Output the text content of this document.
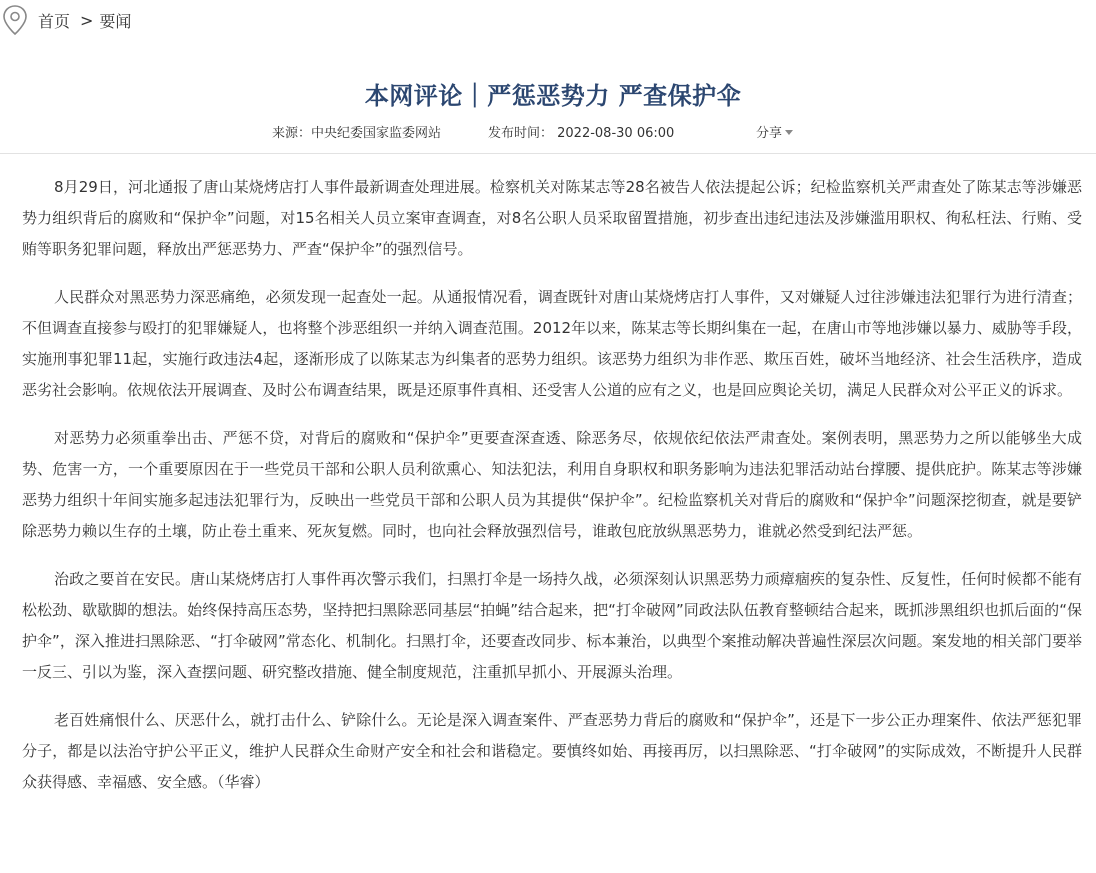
首页 > 要闻
本网评论｜严惩恶势力 严查保护伞
来源：中央纪委国家监委网站	发布时间： 2022-08-30 06:00	分享

8月29日，河北通报了唐山某烧烤店打人事件最新调查处理进展。检察机关对陈某志等28名被告人依法提起公诉；纪检监察机关严肃查处了陈某志等涉嫌恶势力组织背后的腐败和“保护伞”问题，对15名相关人员立案审查调查，对8名公职人员采取留置措施，初步查出违纪违法及涉嫌滥用职权、徇私枉法、行贿、受贿等职务犯罪问题，释放出严惩恶势力、严查“保护伞”的强烈信号。

人民群众对黑恶势力深恶痛绝，必须发现一起查处一起。从通报情况看，调查既针对唐山某烧烤店打人事件，又对嫌疑人过往涉嫌违法犯罪行为进行清查；不但调查直接参与殴打的犯罪嫌疑人，也将整个涉恶组织一并纳入调查范围。2012年以来，陈某志等长期纠集在一起，在唐山市等地涉嫌以暴力、威胁等手段，实施刑事犯罪11起，实施行政违法4起，逐渐形成了以陈某志为纠集者的恶势力组织。该恶势力组织为非作恶、欺压百姓，破坏当地经济、社会生活秩序，造成恶劣社会影响。依规依法开展调查、及时公布调查结果，既是还原事件真相、还受害人公道的应有之义，也是回应舆论关切，满足人民群众对公平正义的诉求。

对恶势力必须重拳出击、严惩不贷，对背后的腐败和“保护伞”更要查深查透、除恶务尽，依规依纪依法严肃查处。案例表明，黑恶势力之所以能够坐大成势、危害一方，一个重要原因在于一些党员干部和公职人员利欲熏心、知法犯法，利用自身职权和职务影响为违法犯罪活动站台撑腰、提供庇护。陈某志等涉嫌恶势力组织十年间实施多起违法犯罪行为，反映出一些党员干部和公职人员为其提供“保护伞”。纪检监察机关对背后的腐败和“保护伞”问题深挖彻查，就是要铲除恶势力赖以生存的土壤，防止卷土重来、死灰复燃。同时，也向社会释放强烈信号，谁敢包庇放纵黑恶势力，谁就必然受到纪法严惩。

治政之要首在安民。唐山某烧烤店打人事件再次警示我们，扫黑打伞是一场持久战，必须深刻认识黑恶势力顽瘴痼疾的复杂性、反复性，任何时候都不能有松松劲、歇歇脚的想法。始终保持高压态势，坚持把扫黑除恶同基层“拍蝇”结合起来，把“打伞破网”同政法队伍教育整顿结合起来，既抓涉黑组织也抓后面的“保护伞”，深入推进扫黑除恶、“打伞破网”常态化、机制化。扫黑打伞，还要查改同步、标本兼治，以典型个案推动解决普遍性深层次问题。案发地的相关部门要举一反三、引以为鉴，深入查摆问题、研究整改措施、健全制度规范，注重抓早抓小、开展源头治理。

老百姓痛恨什么、厌恶什么，就打击什么、铲除什么。无论是深入调查案件、严查恶势力背后的腐败和“保护伞”，还是下一步公正办理案件、依法严惩犯罪分子，都是以法治守护公平正义，维护人民群众生命财产安全和社会和谐稳定。要慎终如始、再接再厉，以扫黑除恶、“打伞破网”的实际成效，不断提升人民群众获得感、幸福感、安全感。（华睿）
